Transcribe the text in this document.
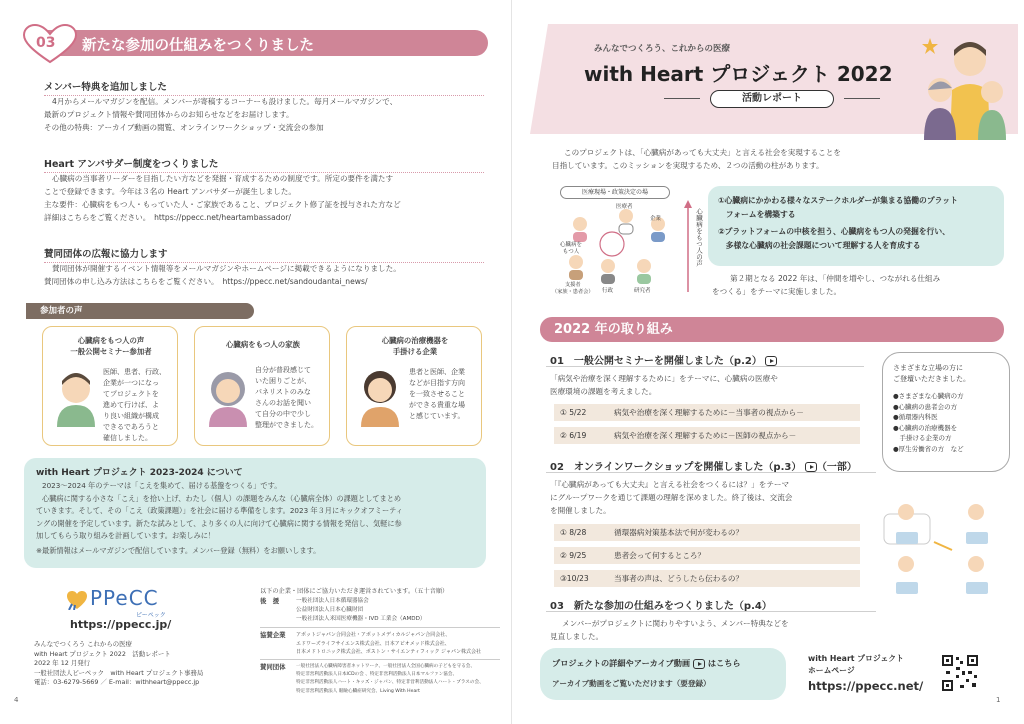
03 新たな参加の仕組みをつくりました
メンバー特典を追加しました

4月からメールマガジンを配信。メンバーが寄稿するコーナーも設けました。毎月メールマガジンで、

最新のプロジェクト情報や賛同団体からのお知らせなどをお届けします。

その他の特典：アーカイブ動画の閲覧、オンラインワークショップ・交流会の参加

Heart アンバサダー制度をつくりました

心臓病の当事者リーダーを目指したい方などを発掘・育成するための制度です。所定の要件を満たす

ことで登録できます。今年は３名の Heart アンバサダーが誕生しました。

主な要件：心臓病をもつ人・もっていた人・ご家族であること、プロジェクト修了証を授与された方など

詳細はこちらをご覧ください。　https://ppecc.net/heartambassador/

賛同団体の広報に協力します

賛同団体が開催するイベント情報等をメールマガジンやホームページに掲載できるようになりました。

賛同団体の申し込み方法はこちらをご覧ください。　https://ppecc.net/sandoudantai_news/

参加者の声
心臓病をもつ人の声
一般公開セミナー参加者
医師、患者、行政、
企業が一つになっ
てプロジェクトを
進めて行けば、よ
り良い組織が構成
できるであろうと
確信しました。
心臓病をもつ人の家族
自分が普段感じて
いた困りごとが、
パネリストのみな
さんのお話を聞い
て自分の中で少し
整理ができました。
心臓病の治療機器を
手掛ける企業
患者と医師、企業
などが目指す方向
を一致させること
ができる貴重な場
と感じています。
with Heart プロジェクト 2023-2024 について

2023〜2024 年のテーマは「こえを集めて、届ける基盤をつくる」です。

心臓病に関する小さな「こえ」を拾い上げ、わたし（個人）の課題をみんな（心臓病全体）の課題としてまとめ

ていきます。そして、その「こえ（政策課題）」を社会に届ける準備をします。2023 年３月にキックオフミーティ

ングの開催を予定しています。新たな試みとして、より多くの人に向けて心臓病に関する情報を発信し、気軽に参

加してもらう取り組みを計画しています。お楽しみに！

※最新情報はメールマガジンで配信しています。メンバー登録（無料）をお願いします。

PPeCC
ピーペック
https://ppecc.jp/
みんなでつくろう これからの医療
with Heart プロジェクト 2022　活動レポート
2022 年 12 月発行
一般社団法人ピーペック　with Heart プロジェクト事務局
電話：03-6279-5669 ／ E-mail：withheart@ppecc.jp
4
以下の企業・団体にご協力いただき運営されています。（五十音順）
後　援	一般社団法人日本循環器協会
公益財団法人日本心臓財団
一般社団法人米国医療機器・IVD 工業会（AMDD）
協賛企業	アボットジャパン合同会社・アボットメディカルジャパン合同会社、
エドワーズライフサイエンス株式会社、日本アビオメッド株式会社、
日本メドトロニック株式会社、ボストン・サイエンティフィック ジャパン株式会社
賛同団体	一般社団法人心臓病障害者ネットワーク、一般社団法人全国心臓病の子どもを守る会、
特定非営利活動法人日本ICDの会 、特定非営利活動法人日本マルファン協会、
特定非営利活動法人ハート・キッズ・ジャパン、特定非営利活動法人ハート・プラスの会、
特定非営利活動法人 眼瞼心臓症研究会、Living With Heart
みんなでつくろう、これからの医療
with Heart プロジェクト 2022
活動レポート

このプロジェクトは、「心臓病があっても大丈夫」と言える社会を実現することを

目指しています。このミッションを実現するため、２つの活動の柱があります。

医療現場・政策決定の場
心臓病を
もつ人
医療者
企業
支援者
（家族・患者会） 行政	研究者
心臓病をもつ人の声
①心臓病にかかわる様々なステークホルダーが集まる協働のプラット
　フォームを構築する
②プラットフォームの中核を担う、心臓病をもつ人の発掘を行い、
　多様な心臓病の社会課題について理解する人を育成する

第２期となる 2022 年は、「仲間を増やし、つながれる仕組み

をつくる」をテーマに実施しました。

2022 年の取り組み
01　一般公開セミナーを開催しました（p.2）

「病気や治療を深く理解するために」をテーマに、心臓病の医療や

医療環境の課題を考えました。

① 5/22	病気や治療を深く理解するために－当事者の視点から－
② 6/19	病気や治療を深く理解するために－医師の視点から－
さまざまな立場の方に
ご登壇いただきました。
●さまざまな心臓病の方
●心臓病の患者会の方
●循環器内科医
●心臓病の治療機器を
　手掛ける企業の方
●厚生労働省の方　など
02　オンラインワークショップを開催しました（p.3） （一部）

「『心臓病があっても大丈夫』と言える社会をつくるには？」をテーマ

にグループワークを通じて課題の理解を深めました。終了後は、交流会

を開催しました。

① 8/28	循環器病対策基本法で何が変わるの？
② 9/25	患者会って何するところ？
③10/23	当事者の声は、どうしたら伝わるの？
03　新たな参加の仕組みをつくりました（p.4）

メンバーがプロジェクトに関わりやすいよう、メンバー特典などを

見直しました。

プロジェクトの詳細やアーカイブ動画 はこちら
アーカイブ動画をご覧いただけます（要登録）
with Heart プロジェクト
ホームページ
https://ppecc.net/
1
